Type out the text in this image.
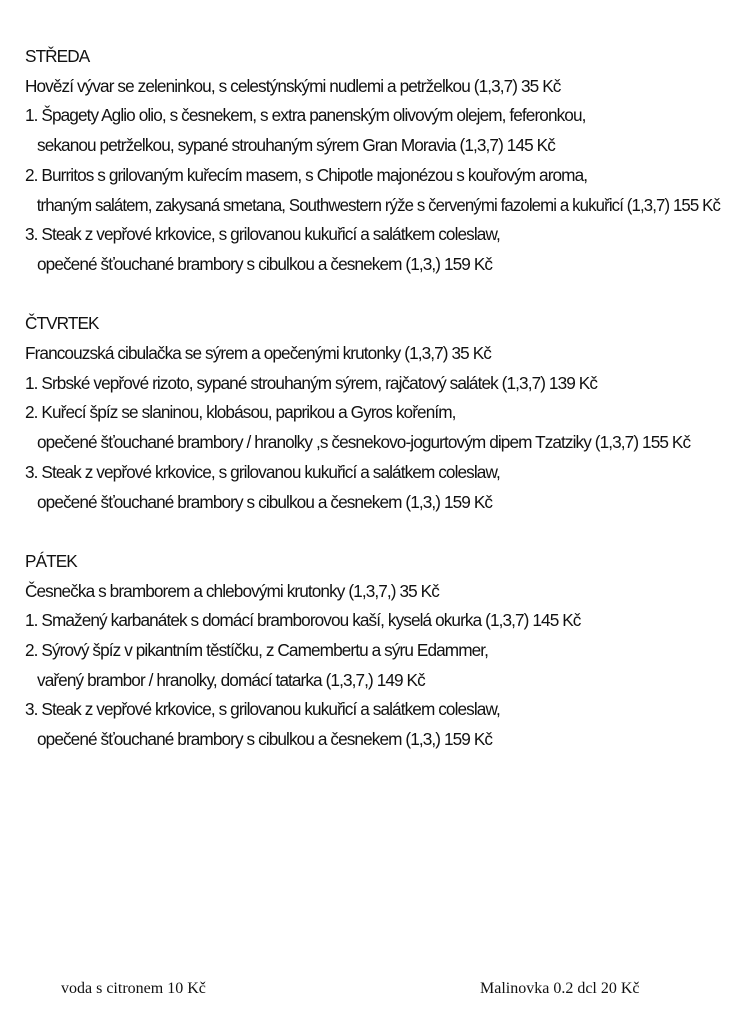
STŘEDA
Hovězí vývar se zeleninkou, s celestýnskými nudlemi a petrželkou (1,3,7) 35 Kč
1. Špagety Aglio olio, s česnekem, s extra panenským olivovým olejem, feferonkou,
sekanou petrželkou, sypané strouhaným sýrem Gran Moravia (1,3,7) 145 Kč
2. Burritos s grilovaným kuřecím masem, s Chipotle majonézou s kouřovým aroma,
trhaným salátem, zakysaná smetana, Southwestern rýže s červenými fazolemi a kukuřicí (1,3,7) 155 Kč
3. Steak z vepřové krkovice, s grilovanou kukuřicí a salátkem coleslaw,
opečené šťouchané brambory s cibulkou a česnekem (1,3,) 159 Kč
ČTVRTEK
Francouzská cibulačka se sýrem a opečenými krutonky (1,3,7) 35 Kč
1. Srbské vepřové rizoto, sypané strouhaným sýrem, rajčatový salátek (1,3,7) 139 Kč
2. Kuřecí špíz se slaninou, klobásou, paprikou a Gyros kořením,
opečené šťouchané brambory / hranolky ,s česnekovo-jogurtovým dipem Tzatziky (1,3,7) 155 Kč
3. Steak z vepřové krkovice, s grilovanou kukuřicí a salátkem coleslaw,
opečené šťouchané brambory s cibulkou a česnekem (1,3,) 159 Kč
PÁTEK
Česnečka s bramborem a chlebovými krutonky (1,3,7,) 35 Kč
1. Smažený karbanátek s domácí bramborovou kaší, kyselá okurka (1,3,7) 145 Kč
2. Sýrový špíz v pikantním těstíčku, z Camembertu a sýru Edammer,
vařený brambor / hranolky, domácí tatarka (1,3,7,) 149 Kč
3. Steak z vepřové krkovice, s grilovanou kukuřicí a salátkem coleslaw,
opečené šťouchané brambory s cibulkou a česnekem (1,3,) 159 Kč
voda s citronem 10 Kč	Malinovka 0.2 dcl 20 Kč
